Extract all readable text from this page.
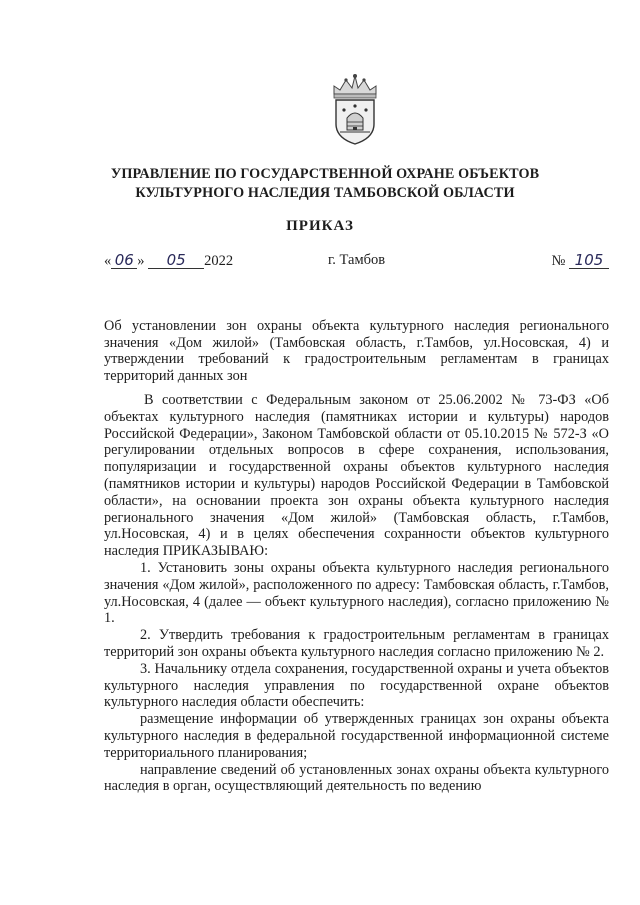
УПРАВЛЕНИЕ ПО ГОСУДАРСТВЕННОЙ ОХРАНЕ ОБЪЕКТОВ
КУЛЬТУРНОГО НАСЛЕДИЯ ТАМБОВСКОЙ ОБЛАСТИ
ПРИКАЗ
« 06 » 05 2022	г. Тамбов	№ 105
Об установлении зон охраны объекта культурного наследия регионального значения «Дом жилой» (Тамбовская область, г.Тамбов, ул.Носовская, 4) и утверждении требований к градостроительным регламентам в границах территорий данных зон

В соответствии с Федеральным законом от 25.06.2002 № 73-ФЗ «Об объектах культурного наследия (памятниках истории и культуры) народов Российской Федерации», Законом Тамбовской области от 05.10.2015 № 572-З «О регулировании отдельных вопросов в сфере сохранения, использования, популяризации и государственной охраны объектов культурного наследия (памятников истории и культуры) народов Российской Федерации в Тамбовской области», на основании проекта зон охраны объекта культурного наследия регионального значения «Дом жилой» (Тамбовская область, г.Тамбов, ул.Носовская, 4) и в целях обеспечения сохранности объектов культурного наследия ПРИКАЗЫВАЮ:

1. Установить зоны охраны объекта культурного наследия регионального значения «Дом жилой», расположенного по адресу: Тамбовская область, г.Тамбов, ул.Носовская, 4 (далее — объект культурного наследия), согласно приложению № 1.

2. Утвердить требования к градостроительным регламентам в границах территорий зон охраны объекта культурного наследия согласно приложению № 2.

3. Начальнику отдела сохранения, государственной охраны и учета объектов культурного наследия управления по государственной охране объектов культурного наследия области обеспечить:

размещение информации об утвержденных границах зон охраны объекта культурного наследия в федеральной государственной информационной системе территориального планирования;

направление сведений об установленных зонах охраны объекта культурного наследия в орган, осуществляющий деятельность по ведению
